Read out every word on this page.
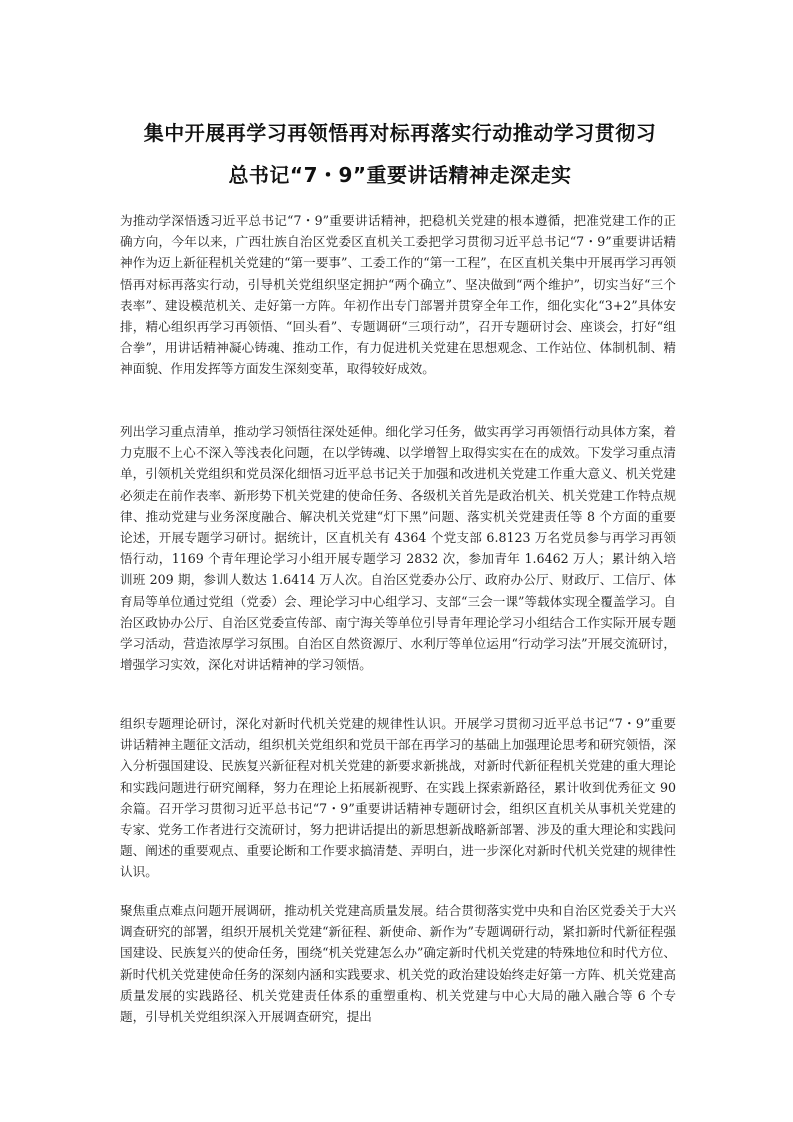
集中开展再学习再领悟再对标再落实行动推动学习贯彻习
总书记“7・9”重要讲话精神走深走实

为推动学深悟透习近平总书记“7・9”重要讲话精神，把稳机关党建的根本遵循，把准党建工作的正确方向，今年以来，广西壮族自治区党委区直机关工委把学习贯彻习近平总书记“7・9”重要讲话精神作为迈上新征程机关党建的“第一要事”、工委工作的“第一工程”，在区直机关集中开展再学习再领悟再对标再落实行动，引导机关党组织坚定拥护“两个确立”、坚决做到“两个维护”，切实当好“三个表率”、建设模范机关、走好第一方阵。年初作出专门部署并贯穿全年工作，细化实化“3+2”具体安排，精心组织再学习再领悟、“回头看”、专题调研“三项行动”，召开专题研讨会、座谈会，打好“组合拳”，用讲话精神凝心铸魂、推动工作，有力促进机关党建在思想观念、工作站位、体制机制、精神面貌、作用发挥等方面发生深刻变革，取得较好成效。

列出学习重点清单，推动学习领悟往深处延伸。细化学习任务，做实再学习再领悟行动具体方案，着力克服不上心不深入等浅表化问题，在以学铸魂、以学增智上取得实实在在的成效。下发学习重点清单，引领机关党组织和党员深化细悟习近平总书记关于加强和改进机关党建工作重大意义、机关党建必须走在前作表率、新形势下机关党建的使命任务、各级机关首先是政治机关、机关党建工作特点规律、推动党建与业务深度融合、解决机关党建“灯下黑”问题、落实机关党建责任等 8 个方面的重要论述，开展专题学习研讨。据统计，区直机关有 4364 个党支部 6.8123 万名党员参与再学习再领悟行动，1169 个青年理论学习小组开展专题学习 2832 次，参加青年 1.6462 万人；累计纳入培训班 209 期，参训人数达 1.6414 万人次。自治区党委办公厅、政府办公厅、财政厅、工信厅、体育局等单位通过党组（党委）会、理论学习中心组学习、支部“三会一课”等载体实现全覆盖学习。自治区政协办公厅、自治区党委宣传部、南宁海关等单位引导青年理论学习小组结合工作实际开展专题学习活动，营造浓厚学习氛围。自治区自然资源厅、水利厅等单位运用“行动学习法”开展交流研讨，增强学习实效，深化对讲话精神的学习领悟。

组织专题理论研讨，深化对新时代机关党建的规律性认识。开展学习贯彻习近平总书记“7・9”重要讲话精神主题征文活动，组织机关党组织和党员干部在再学习的基础上加强理论思考和研究领悟，深入分析强国建设、民族复兴新征程对机关党建的新要求新挑战，对新时代新征程机关党建的重大理论和实践问题进行研究阐释，努力在理论上拓展新视野、在实践上探索新路径，累计收到优秀征文 90 余篇。召开学习贯彻习近平总书记“7・9”重要讲话精神专题研讨会，组织区直机关从事机关党建的专家、党务工作者进行交流研讨，努力把讲话提出的新思想新战略新部署、涉及的重大理论和实践问题、阐述的重要观点、重要论断和工作要求搞清楚、弄明白，进一步深化对新时代机关党建的规律性认识。

聚焦重点难点问题开展调研，推动机关党建高质量发展。结合贯彻落实党中央和自治区党委关于大兴调查研究的部署，组织开展机关党建“新征程、新使命、新作为”专题调研行动，紧扣新时代新征程强国建设、民族复兴的使命任务，围绕“机关党建怎么办”确定新时代机关党建的特殊地位和时代方位、新时代机关党建使命任务的深刻内涵和实践要求、机关党的政治建设始终走好第一方阵、机关党建高质量发展的实践路径、机关党建责任体系的重塑重构、机关党建与中心大局的融入融合等 6 个专题，引导机关党组织深入开展调查研究，提出
